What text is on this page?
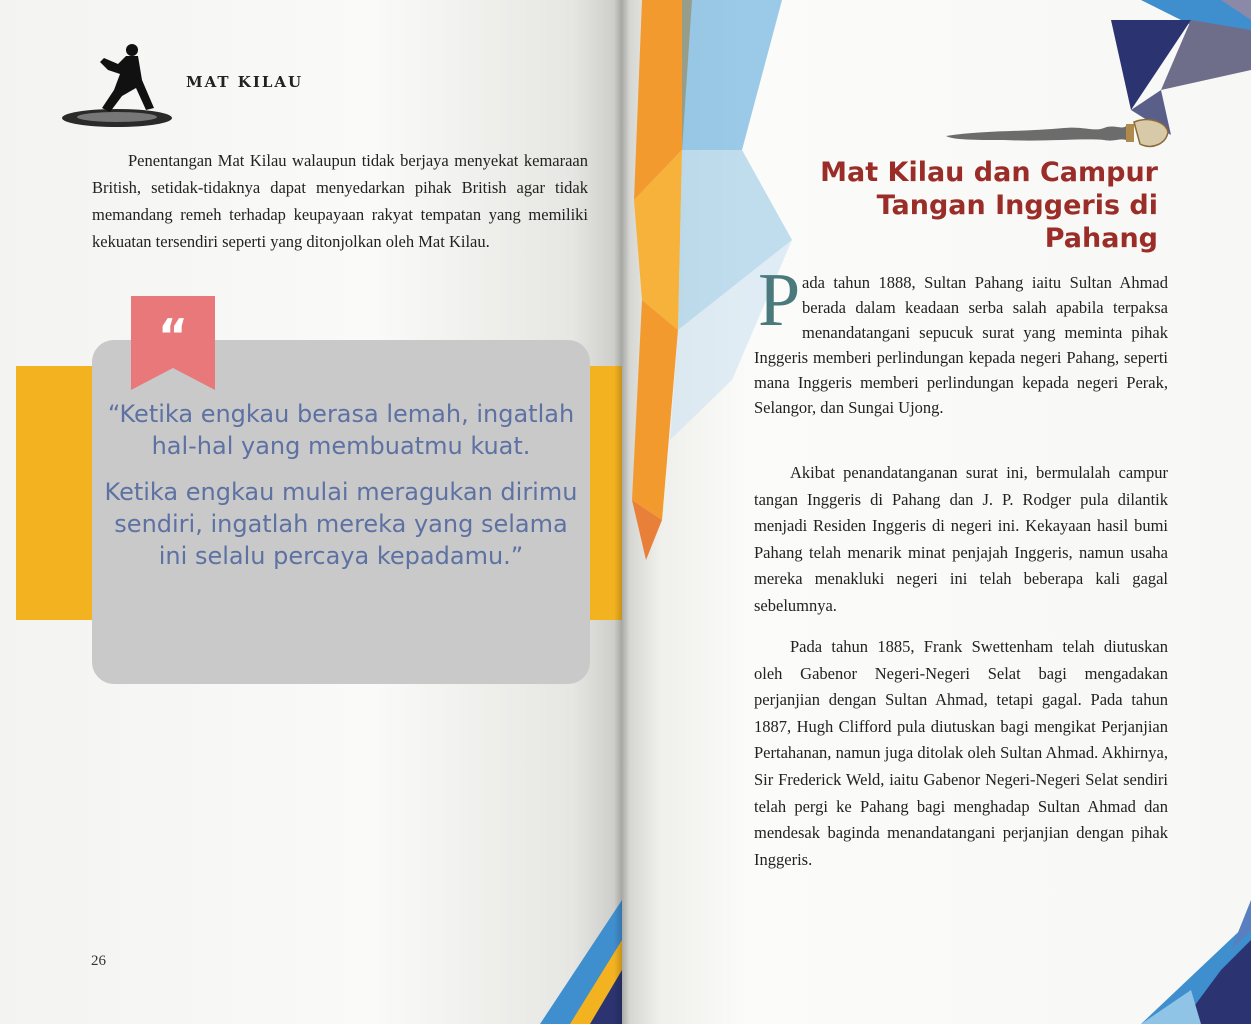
MAT KILAU
Penentangan Mat Kilau walaupun tidak berjaya menyekat kemaraan British, setidak-tidaknya dapat menyedarkan pihak British agar tidak memandang remeh terhadap keupayaan rakyat tempatan yang memiliki kekuatan tersendiri seperti yang ditonjolkan oleh Mat Kilau.
“

“Ketika engkau berasa lemah, ingatlah hal-hal yang membuatmu kuat.

Ketika engkau mulai meragukan dirimu sendiri, ingatlah mereka yang selama ini selalu percaya kepadamu.”

26
Mat Kilau dan Campur
Tangan Inggeris di
Pahang
P ada tahun 1888, Sultan Pahang iaitu Sultan Ahmad berada dalam keadaan serba salah apabila terpaksa menandatangani sepucuk surat yang meminta pihak Inggeris memberi perlindungan kepada negeri Pahang, seperti mana Inggeris memberi perlindungan kepada negeri Perak, Selangor, dan Sungai Ujong.
Akibat penandatanganan surat ini, bermulalah campur tangan Inggeris di Pahang dan J. P. Rodger pula dilantik menjadi Residen Inggeris di negeri ini. Kekayaan hasil bumi Pahang telah menarik minat penjajah Inggeris, namun usaha mereka menakluki negeri ini telah beberapa kali gagal sebelumnya.
Pada tahun 1885, Frank Swettenham telah diutuskan oleh Gabenor Negeri-Negeri Selat bagi mengadakan perjanjian dengan Sultan Ahmad, tetapi gagal. Pada tahun 1887, Hugh Clifford pula diutuskan bagi mengikat Perjanjian Pertahanan, namun juga ditolak oleh Sultan Ahmad. Akhirnya, Sir Frederick Weld, iaitu Gabenor Negeri-Negeri Selat sendiri telah pergi ke Pahang bagi menghadap Sultan Ahmad dan mendesak baginda menandatangani perjanjian dengan pihak Inggeris.
